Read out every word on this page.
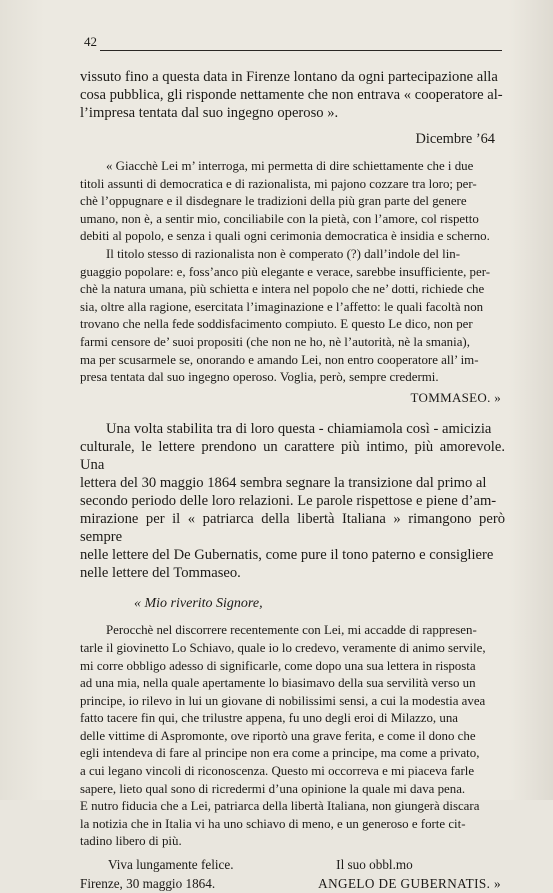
42

vissuto fino a questa data in Firenze lontano da ogni partecipazione alla

cosa pubblica, gli risponde nettamente che non entrava « cooperatore al-

l’impresa tentata dal suo ingegno operoso ».

Dicembre ’64

« Giacchè Lei m’ interroga, mi permetta di dire schiettamente che i due

titoli assunti di democratica e di razionalista, mi pajono cozzare tra loro; per-

chè l’oppugnare e il disdegnare le tradizioni della più gran parte del genere

umano, non è, a sentir mio, conciliabile con la pietà, con l’amore, col rispetto

debiti al popolo, e senza i quali ogni cerimonia democratica è insidia e scherno.

Il titolo stesso di razionalista non è comperato (?) dall’indole del lin-

guaggio popolare: e, foss’anco più elegante e verace, sarebbe insufficiente, per-

chè la natura umana, più schietta e intera nel popolo che ne’ dotti, richiede che

sia, oltre alla ragione, esercitata l’imaginazione e l’affetto: le quali facoltà non

trovano che nella fede soddisfacimento compiuto. E questo Le dico, non per

farmi censore de’ suoi propositi (che non ne ho, nè l’autorità, nè la smania),

ma per scusarmele se, onorando e amando Lei, non entro cooperatore all’ im-

presa tentata dal suo ingegno operoso. Voglia, però, sempre credermi.

TOMMASEO. »

Una volta stabilita tra di loro questa - chiamiamola così - amicizia

culturale, le lettere prendono un carattere più intimo, più amorevole. Una

lettera del 30 maggio 1864 sembra segnare la transizione dal primo al

secondo periodo delle loro relazioni. Le parole rispettose e piene d’am-

mirazione per il « patriarca della libertà Italiana » rimangono però sempre

nelle lettere del De Gubernatis, come pure il tono paterno e consigliere

nelle lettere del Tommaseo.

« Mio riverito Signore,

Perocchè nel discorrere recentemente con Lei, mi accadde di rappresen-

tarle il giovinetto Lo Schiavo, quale io lo credevo, veramente di animo servile,

mi corre obbligo adesso di significarle, come dopo una sua lettera in risposta

ad una mia, nella quale apertamente lo biasimavo della sua servilità verso un

principe, io rilevo in lui un giovane di nobilissimi sensi, a cui la modestia avea

fatto tacere fin qui, che trilustre appena, fu uno degli eroi di Milazzo, una

delle vittime di Aspromonte, ove riportò una grave ferita, e come il dono che

egli intendeva di fare al principe non era come a principe, ma come a privato,

a cui legano vincoli di riconoscenza. Questo mi occorreva e mi piaceva farle

sapere, lieto qual sono di ricredermi d’una opinione la quale mi dava pena.

E nutro fiducia che a Lei, patriarca della libertà Italiana, non giungerà discara

la notizia che in Italia vi ha uno schiavo di meno, e un generoso e forte cit-

tadino libero di più.

Viva lungamente felice.	Il suo obbl.mo
Firenze, 30 maggio 1864.	ANGELO DE GUBERNATIS. »
